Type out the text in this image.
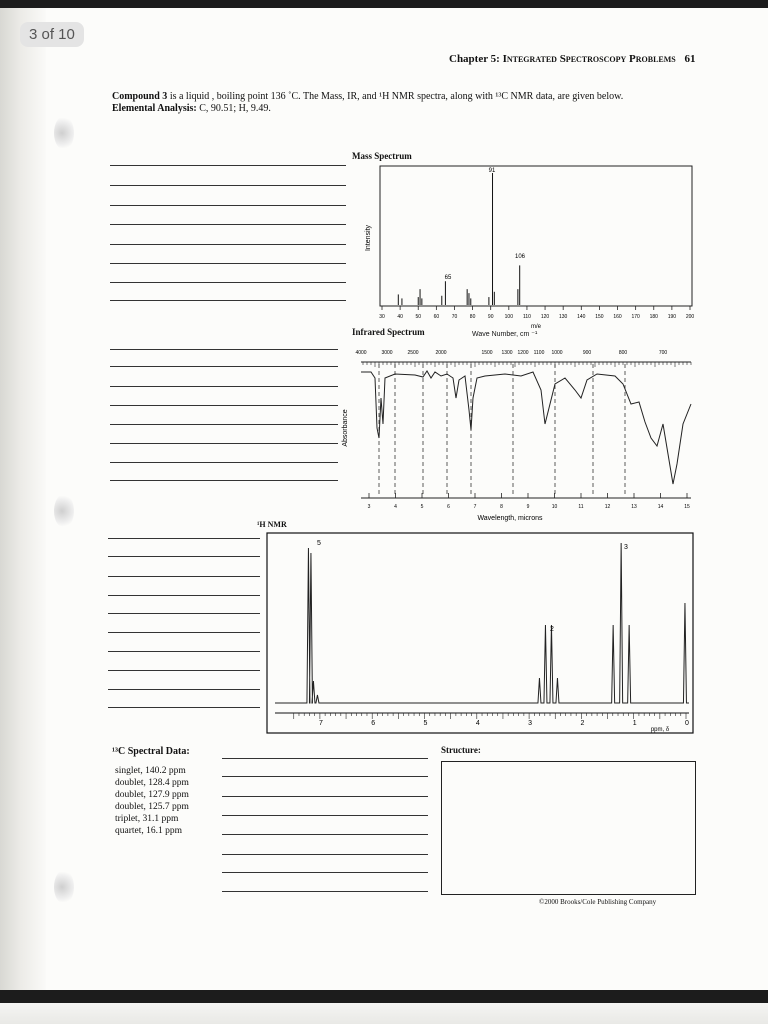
3 of 10
Chapter 5: Integrated Spectroscopy Problems 61
Compound 3 is a liquid , boiling point 136 ˚C. The Mass, IR, and ¹H NMR spectra, along with ¹³C NMR data, are given below.
Elemental Analysis: C, 90.51; H, 9.49.
Mass Spectrum
Intensity
30	40	50	60	70	80	90 100 110 120 130 140 150 160 170 180 190 200
91
106
65
m/e
Infrared Spectrum	Wave Number, cm ⁻¹
4000	3000	2500	2000	1500 1300 1200 1100 1000	900	800	700
Absorbance
3	4	5	6	7	8	9	10	11	12	13	14	15
Wavelength, microns
¹H NMR
7	6	5	4	3	2	1	0
5
2
3
ppm, δ
¹³C Spectral Data:
singlet, 140.2 ppm
doublet, 128.4 ppm
doublet, 127.9 ppm
doublet, 125.7 ppm
triplet, 31.1 ppm
quartet, 16.1 ppm
Structure:
©2000 Brooks/Cole Publishing Company
